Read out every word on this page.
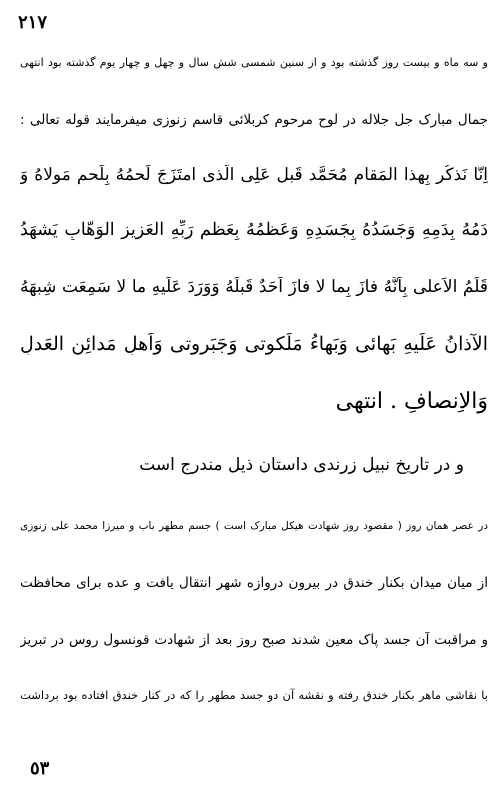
٢١٧
و سه ماه و بیست روز گذشته بود و از سنین شمسی شش سال و چهل و چهار یوم گذشته بود انتهی
جمال مبارک جل جلاله در لوح مرحوم کربلائی قاسم زنوزی میفرمایند قوله تعالی :
اِنّا نَذکُر بِهذا المَقام مُحَمَّد قَبل عَلِی الَّذی امتَزَجَ لَحمُهُ بِلَحمِ مَولاهُ وَ
دَمُهُ بِدَمِهِ وَجَسَدُهُ بِجَسَدِهِ وَعَظمُهُ بِعَظمِ رَبِّهِ العَزیزِ الوَهّابِ یَشهَدُ
قَلَمُ الاَعلی بِاَنَّهُ فازَ بِما لا فازَ اَحَدٌ قَبلَهُ وَوَرَدَ عَلَیهِ ما لا سَمِعَت شِبهَهُ
الآذانُ عَلَیهِ بَهائی وَبَهاءُ مَلَکوتی وَجَبَروتی وَاَهلِ مَدائِنِ العَدلِ
وَالاِنصافِ . انتهی
و در تاریخ نبیل زرندی داستان ذیل مندرج است
در عصر همان روز ( مقصود روز شهادت هیکل مبارک است ) جسم مطهر باب و میرزا محمد علی زنوزی
از میان میدان بکنار خندق در بیرون دروازه شهر انتقال یافت و عده برای محافظت
و مراقبت آن جسد پاک معین شدند صبح روز بعد از شهادت قونسول روس در تبریز
با نقاشی ماهر بکنار خندق رفته و نقشه آن دو جسد مطهر را که در کنار خندق افتاده بود برداشت
٥٣
